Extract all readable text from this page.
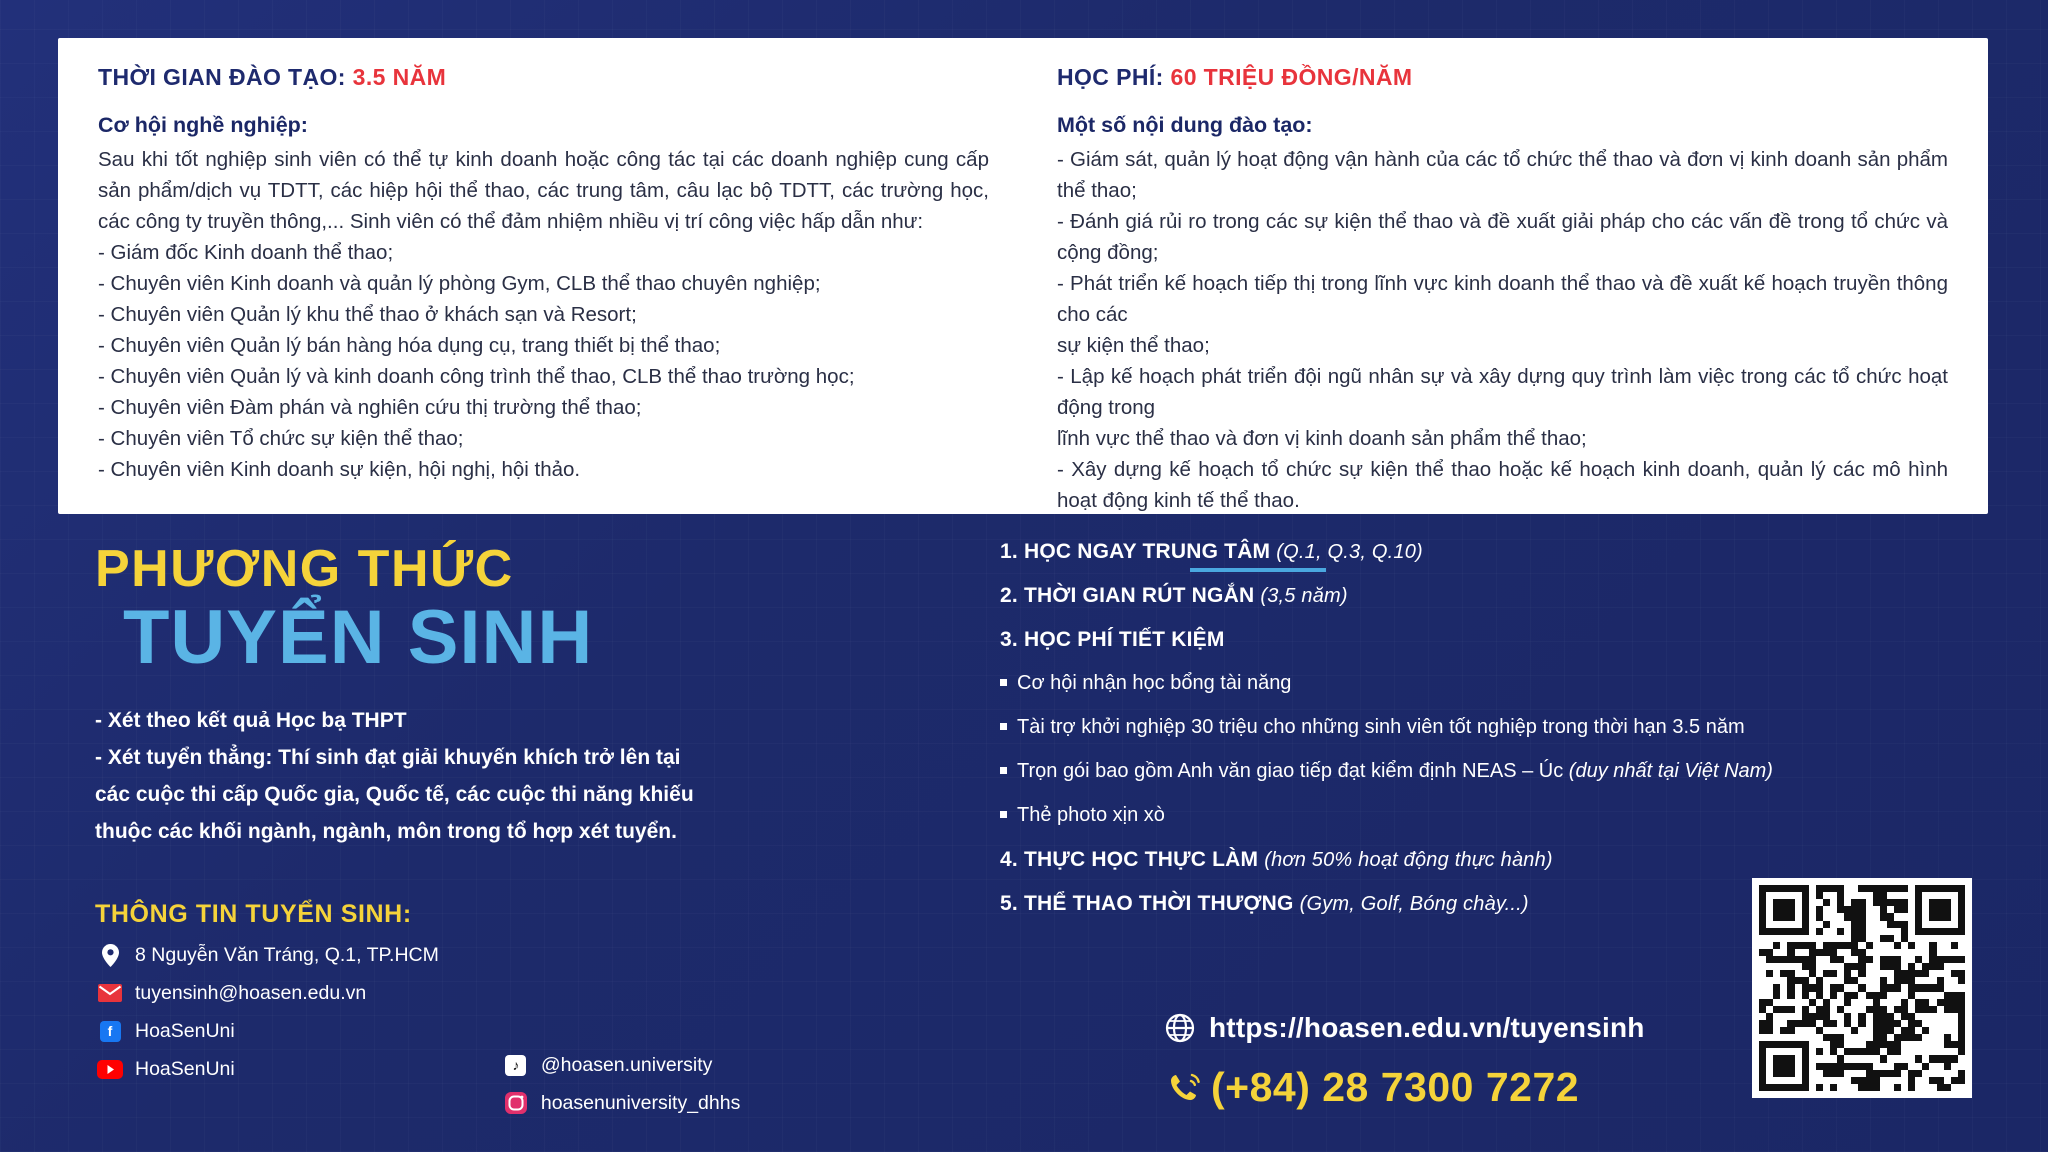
THỜI GIAN ĐÀO TẠO: 3.5 NĂM
Cơ hội nghề nghiệp:
Sau khi tốt nghiệp sinh viên có thể tự kinh doanh hoặc công tác tại các doanh nghiệp cung cấp sản phẩm/dịch vụ TDTT, các hiệp hội thể thao, các trung tâm, câu lạc bộ TDTT, các trường học, các công ty truyền thông,... Sinh viên có thể đảm nhiệm nhiều vị trí công việc hấp dẫn như:
- Giám đốc Kinh doanh thể thao;
- Chuyên viên Kinh doanh và quản lý phòng Gym, CLB thể thao chuyên nghiệp;
- Chuyên viên Quản lý khu thể thao ở khách sạn và Resort;
- Chuyên viên Quản lý bán hàng hóa dụng cụ, trang thiết bị thể thao;
- Chuyên viên Quản lý và kinh doanh công trình thể thao, CLB thể thao trường học;
- Chuyên viên Đàm phán và nghiên cứu thị trường thể thao;
- Chuyên viên Tổ chức sự kiện thể thao;
- Chuyên viên Kinh doanh sự kiện, hội nghị, hội thảo.
HỌC PHÍ: 60 TRIỆU ĐỒNG/NĂM
Một số nội dung đào tạo:
- Giám sát, quản lý hoạt động vận hành của các tổ chức thể thao và đơn vị kinh doanh sản phẩm thể thao;
- Đánh giá rủi ro trong các sự kiện thể thao và đề xuất giải pháp cho các vấn đề trong tổ chức và cộng đồng;
- Phát triển kế hoạch tiếp thị trong lĩnh vực kinh doanh thể thao và đề xuất kế hoạch truyền thông cho các
sự kiện thể thao;
- Lập kế hoạch phát triển đội ngũ nhân sự và xây dựng quy trình làm việc trong các tổ chức hoạt động trong
lĩnh vực thể thao và đơn vị kinh doanh sản phẩm thể thao;
- Xây dựng kế hoạch tổ chức sự kiện thể thao hoặc kế hoạch kinh doanh, quản lý các mô hình hoạt động kinh tế thể thao.
PHƯƠNG THỨC
TUYỂN SINH
- Xét theo kết quả Học bạ THPT
- Xét tuyển thẳng: Thí sinh đạt giải khuyến khích trở lên tại
các cuộc thi cấp Quốc gia, Quốc tế, các cuộc thi năng khiếu
thuộc các khối ngành, ngành, môn trong tổ hợp xét tuyển.
THÔNG TIN TUYỂN SINH:
8 Nguyễn Văn Tráng, Q.1, TP.HCM
tuyensinh@hoasen.edu.vn
f	HoaSenUni
HoaSenUni	♪	@hoasen.university
hoasenuniversity_dhhs
1. HỌC NGAY TRUNG TÂM (Q.1, Q.3, Q.10)
2. THỜI GIAN RÚT NGẮN (3,5 năm)
3. HỌC PHÍ TIẾT KIỆM
Cơ hội nhận học bổng tài năng
Tài trợ khởi nghiệp 30 triệu cho những sinh viên tốt nghiệp trong thời hạn 3.5 năm
Trọn gói bao gồm Anh văn giao tiếp đạt kiểm định NEAS – Úc (duy nhất tại Việt Nam)
Thẻ photo xịn xò
4. THỰC HỌC THỰC LÀM (hơn 50% hoạt động thực hành)
5. THỂ THAO THỜI THƯỢNG (Gym, Golf, Bóng chày...)
https://hoasen.edu.vn/tuyensinh
(+84) 28 7300 7272
